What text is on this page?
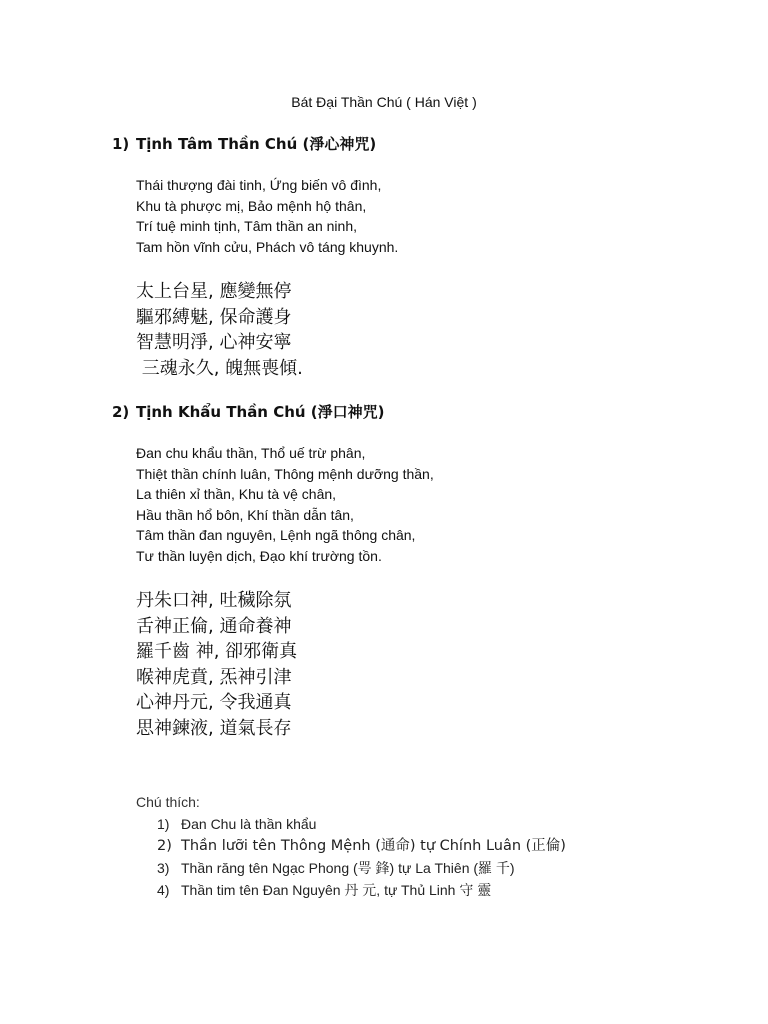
Bát Đại Thần Chú ( Hán Việt )
1) Tịnh Tâm Thần Chú (淨心神咒)
Thái thượng đài tinh, Ứng biến vô đình,
Khu tà phược mị, Bảo mệnh hộ thân,
Trí tuệ minh tịnh, Tâm thần an ninh,
Tam hồn vĩnh cửu, Phách vô táng khuynh.
太上台星, 應變無停
驅邪縛魅, 保命護身
智慧明淨, 心神安寧
三魂永久, 魄無喪傾.
2) Tịnh Khẩu Thần Chú (淨口神咒)
Đan chu khẩu thần, Thổ uế trừ phân,
Thiệt thần chính luân, Thông mệnh dưỡng thần,
La thiên xỉ thần, Khu tà vệ chân,
Hầu thần hổ bôn, Khí thần dẫn tân,
Tâm thần đan nguyên, Lệnh ngã thông chân,
Tư thần luyện dịch, Đạo khí trường tồn.
丹朱口神, 吐穢除氛
舌神正倫, 通命養神
羅千齒 神, 卻邪衛真
喉神虎賁, 炁神引津
心神丹元, 令我通真
思神鍊液, 道氣長存
Chú thích:
1) Đan Chu là thần khẩu
2) Thần lưỡi tên Thông Mệnh (通命) tự Chính Luân (正倫)
3) Thần răng tên Ngạc Phong (咢 鋒) tự La Thiên (羅 千)
4) Thần tim tên Đan Nguyên 丹 元, tự Thủ Linh 守 靈
